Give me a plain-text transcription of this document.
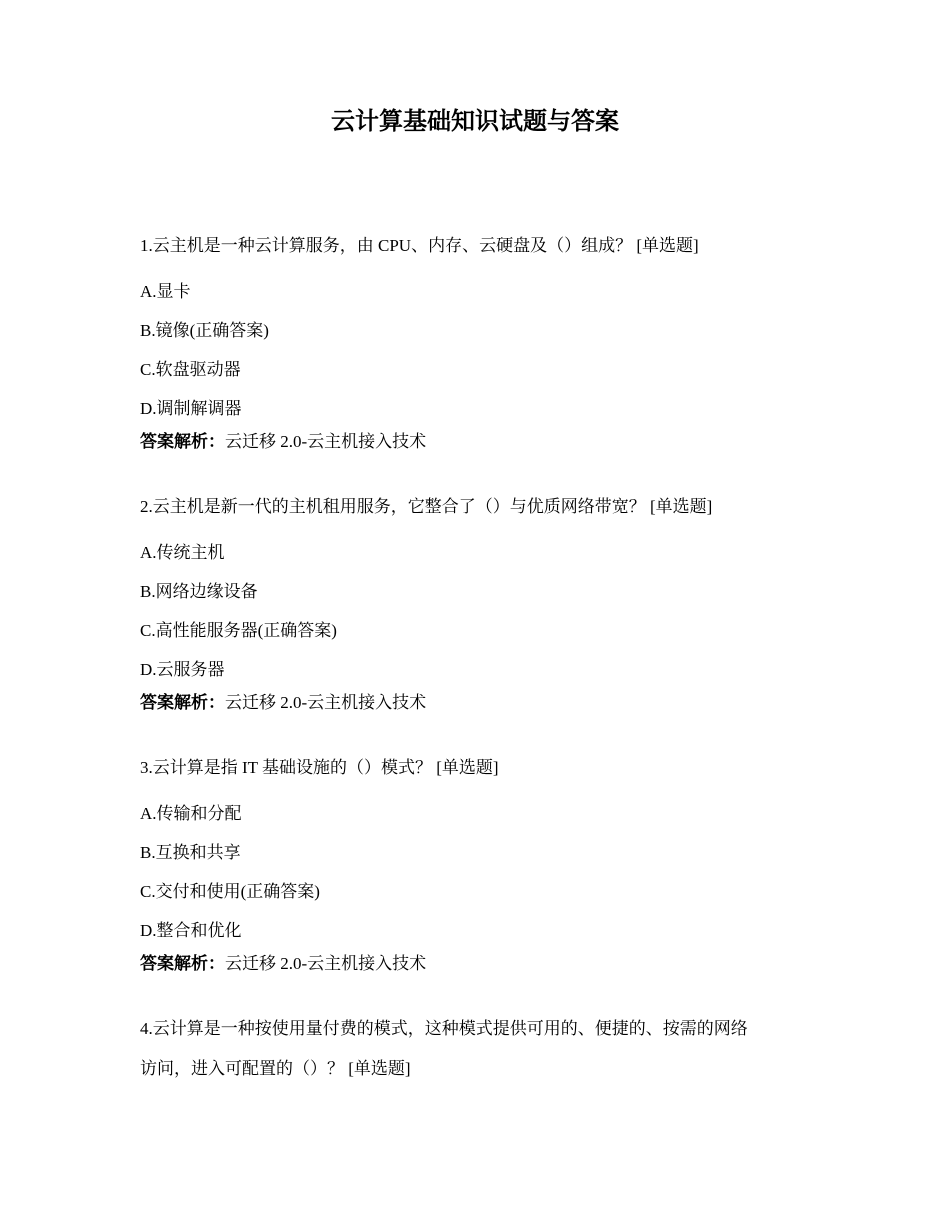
云计算基础知识试题与答案

1.云主机是一种云计算服务，由 CPU、内存、云硬盘及（）组成？ [单选题]

A.显卡

B.镜像(正确答案)

C.软盘驱动器

D.调制解调器

答案解析：云迁移 2.0-云主机接入技术

2.云主机是新一代的主机租用服务，它整合了（）与优质网络带宽？ [单选题]

A.传统主机

B.网络边缘设备

C.高性能服务器(正确答案)

D.云服务器

答案解析：云迁移 2.0-云主机接入技术

3.云计算是指 IT 基础设施的（）模式？ [单选题]

A.传输和分配

B.互换和共享

C.交付和使用(正确答案)

D.整合和优化

答案解析：云迁移 2.0-云主机接入技术

4.云计算是一种按使用量付费的模式，这种模式提供可用的、便捷的、按需的网络

访问，进入可配置的（）？ [单选题]
